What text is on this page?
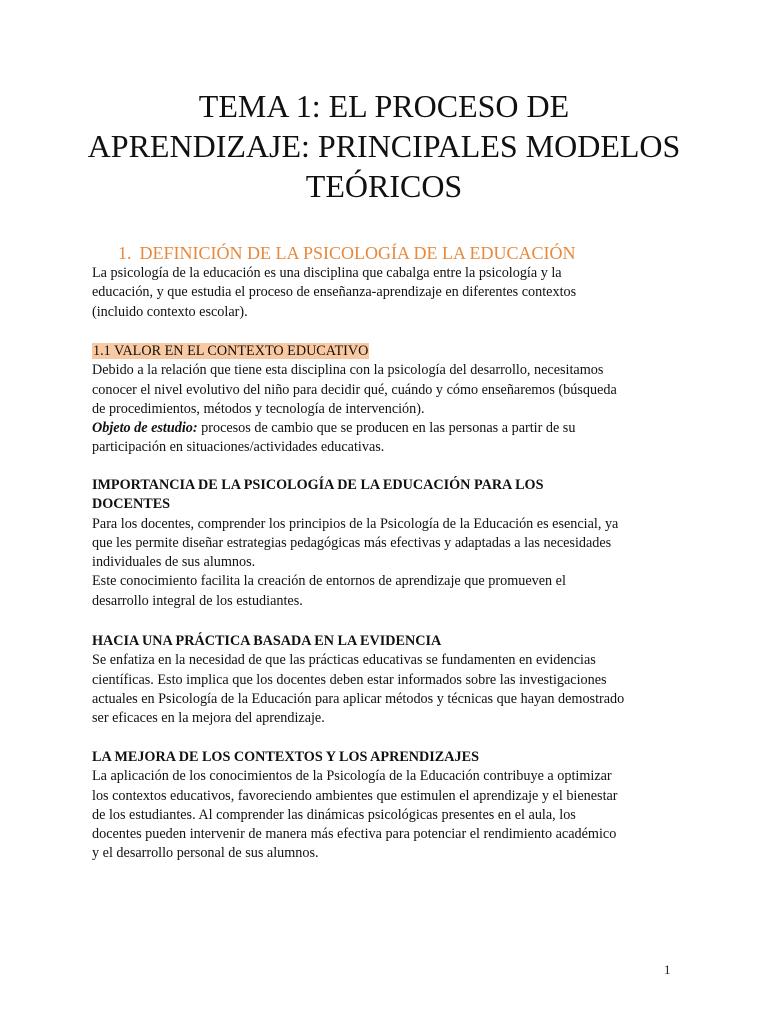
TEMA 1: EL PROCESO DE
APRENDIZAJE: PRINCIPALES MODELOS
TEÓRICOS
1. DEFINICIÓN DE LA PSICOLOGÍA DE LA EDUCACIÓN
La psicología de la educación es una disciplina que cabalga entre la psicología y la
educación, y que estudia el proceso de enseñanza-aprendizaje en diferentes contextos
(incluido contexto escolar).
1.1 VALOR EN EL CONTEXTO EDUCATIVO
Debido a la relación que tiene esta disciplina con la psicología del desarrollo, necesitamos
conocer el nivel evolutivo del niño para decidir qué, cuándo y cómo enseñaremos (búsqueda
de procedimientos, métodos y tecnología de intervención).
Objeto de estudio: procesos de cambio que se producen en las personas a partir de su
participación en situaciones/actividades educativas.
IMPORTANCIA DE LA PSICOLOGÍA DE LA EDUCACIÓN PARA LOS
DOCENTES
Para los docentes, comprender los principios de la Psicología de la Educación es esencial, ya
que les permite diseñar estrategias pedagógicas más efectivas y adaptadas a las necesidades
individuales de sus alumnos.
Este conocimiento facilita la creación de entornos de aprendizaje que promueven el
desarrollo integral de los estudiantes.
HACIA UNA PRÁCTICA BASADA EN LA EVIDENCIA
Se enfatiza en la necesidad de que las prácticas educativas se fundamenten en evidencias
científicas. Esto implica que los docentes deben estar informados sobre las investigaciones
actuales en Psicología de la Educación para aplicar métodos y técnicas que hayan demostrado
ser eficaces en la mejora del aprendizaje.
LA MEJORA DE LOS CONTEXTOS Y LOS APRENDIZAJES
La aplicación de los conocimientos de la Psicología de la Educación contribuye a optimizar
los contextos educativos, favoreciendo ambientes que estimulen el aprendizaje y el bienestar
de los estudiantes. Al comprender las dinámicas psicológicas presentes en el aula, los
docentes pueden intervenir de manera más efectiva para potenciar el rendimiento académico
y el desarrollo personal de sus alumnos.
1
